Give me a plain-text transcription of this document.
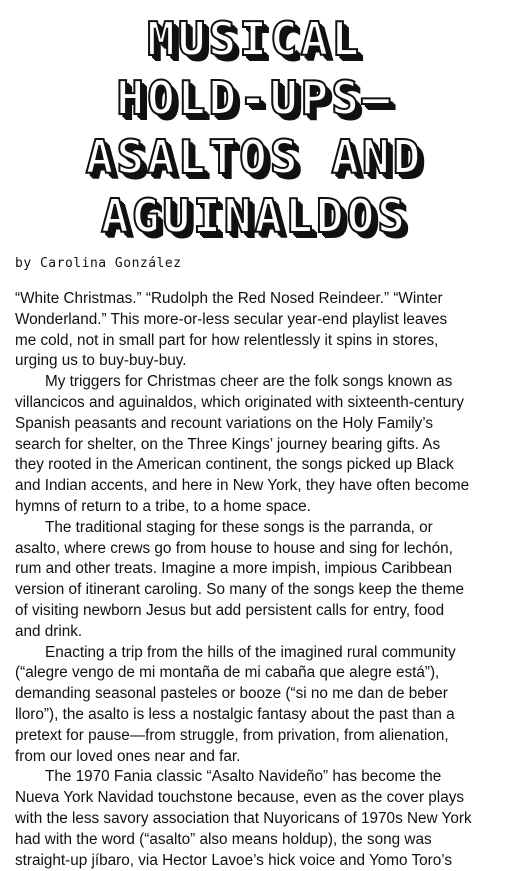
MUSICAL
HOLD-UPS—
ASALTOS AND
AGUINALDOS
by Carolina González

“White Christmas.” “Rudolph the Red Nosed Reindeer.” “Winter
Wonderland.” This more-or-less secular year-end playlist leaves
me cold, not in small part for how relentlessly it spins in stores,
urging us to buy-buy-buy.

My triggers for Christmas cheer are the folk songs known as
villancicos and aguinaldos, which originated with sixteenth-century
Spanish peasants and recount variations on the Holy Family’s
search for shelter, on the Three Kings’ journey bearing gifts. As
they rooted in the American continent, the songs picked up Black
and Indian accents, and here in New York, they have often become
hymns of return to a tribe, to a home space.

The traditional staging for these songs is the parranda, or
asalto, where crews go from house to house and sing for lechón,
rum and other treats. Imagine a more impish, impious Caribbean
version of itinerant caroling. So many of the songs keep the theme
of visiting newborn Jesus but add persistent calls for entry, food
and drink.

Enacting a trip from the hills of the imagined rural community
(“alegre vengo de mi montaña de mi cabaña que alegre está”),
demanding seasonal pasteles or booze (“si no me dan de beber
lloro”), the asalto is less a nostalgic fantasy about the past than a
pretext for pause—from struggle, from privation, from alienation,
from our loved ones near and far.

The 1970 Fania classic “Asalto Navideño” has become the
Nueva York Navidad touchstone because, even as the cover plays
with the less savory association that Nuyoricans of 1970s New York
had with the word (“asalto” also means holdup), the song was
straight-up jíbaro, via Hector Lavoe’s hick voice and Yomo Toro’s
